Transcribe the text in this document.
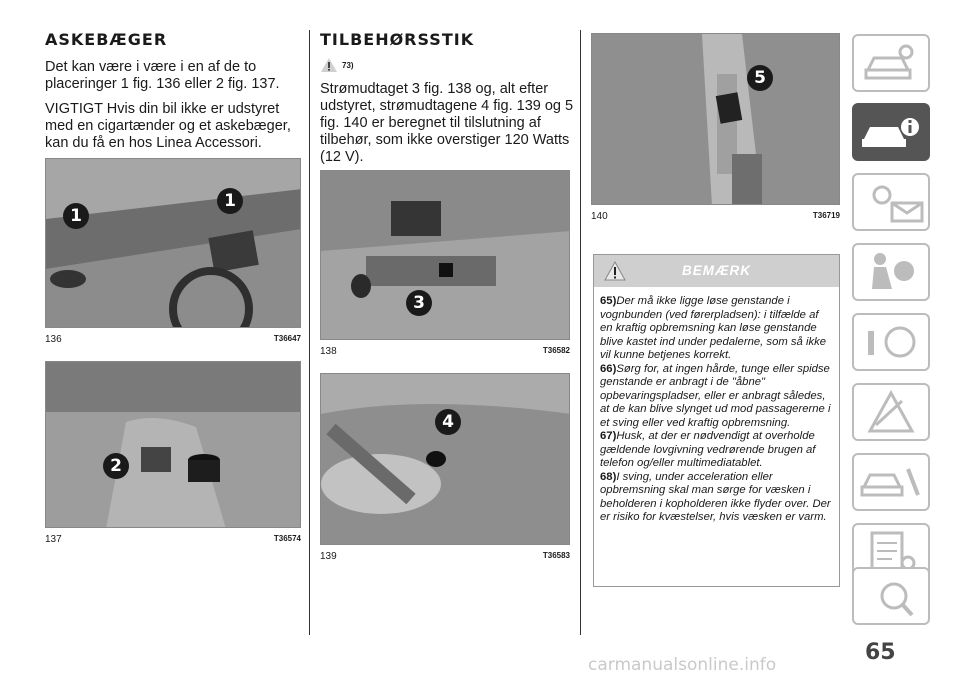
ASKEBÆGER

Det kan være i være i en af de to placeringer 1 fig. 136 eller 2 fig. 137.

VIGTIGT Hvis din bil ikke er udstyret med en cigartænder og et askebæger, kan du få en hos Linea Accessori.

1
1
136	T36647
2
137	T36574
TILBEHØRSSTIK
73)

Strømudtaget 3 fig. 138 og, alt efter udstyret, strømudtagene 4 fig. 139 og 5 fig. 140 er beregnet til tilslutning af tilbehør, som ikke overstiger 120 Watts (12 V).

3
138	T36582
4
139	T36583
5
140	T36719
BEMÆRK
65)Der må ikke ligge løse genstande i vognbunden (ved førerpladsen): i tilfælde af en kraftig opbremsning kan løse genstande blive kastet ind under pedalerne, som så ikke vil kunne betjenes korrekt.
66)Sørg for, at ingen hårde, tunge eller spidse genstande er anbragt i de "åbne" opbevaringspladser, eller er anbragt således, at de kan blive slynget ud mod passagererne i et sving eller ved kraftig opbremsning.
67)Husk, at der er nødvendigt at overholde gældende lovgivning vedrørende brugen af telefon og/eller multimediatablet.
68)I sving, under acceleration eller opbremsning skal man sørge for væsken i beholderen i kopholderen ikke flyder over. Der er risiko for kvæstelser, hvis væsken er varm.
65
carmanualsonline.info
